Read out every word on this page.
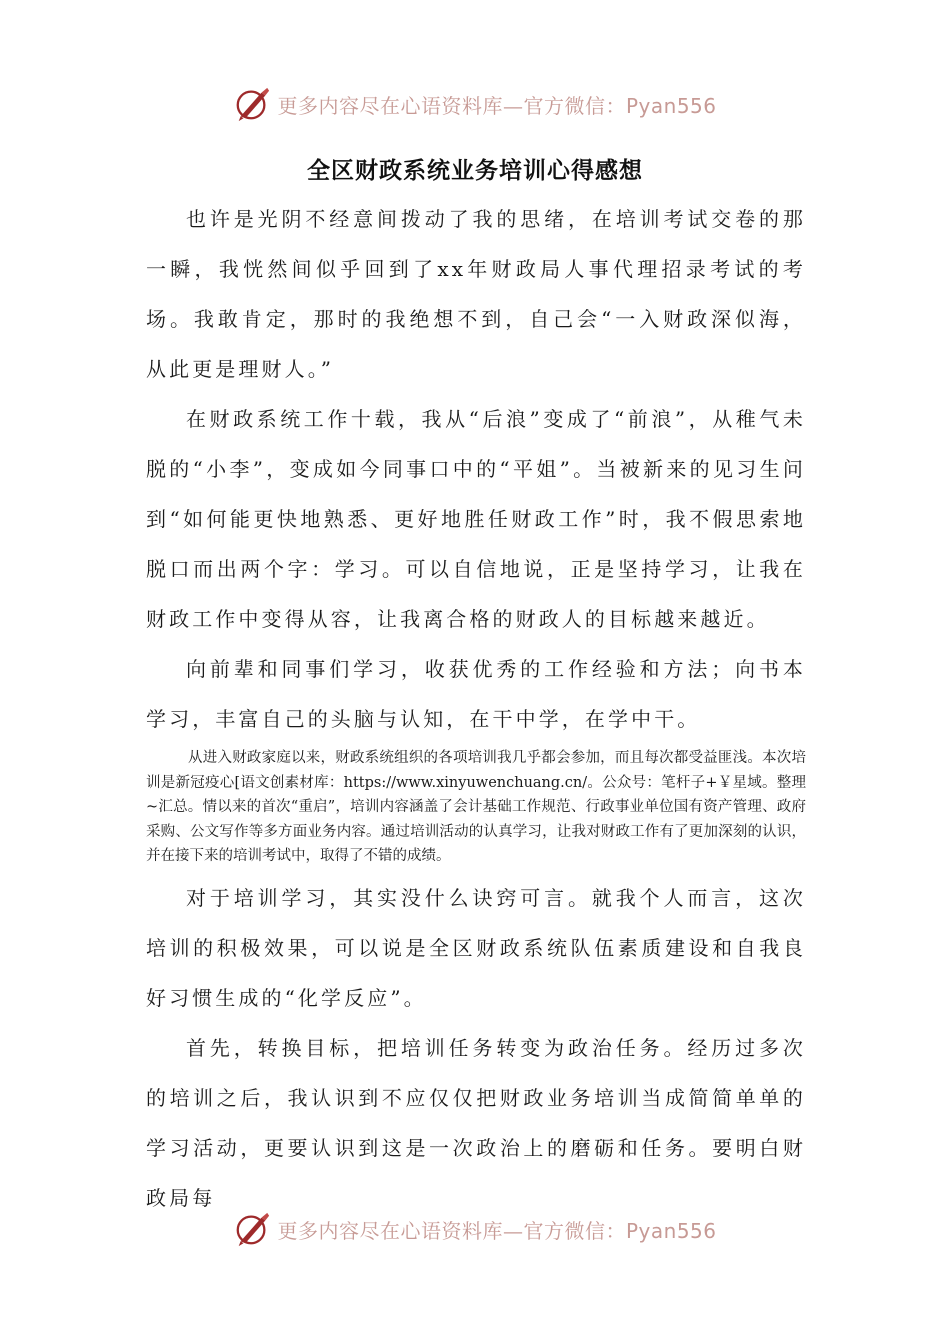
更多内容尽在心语资料库—官方微信：Pyan556
全区财政系统业务培训心得感想

也许是光阴不经意间拨动了我的思绪，在培训考试交卷的那一瞬，我恍然间似乎回到了xx年财政局人事代理招录考试的考场。我敢肯定，那时的我绝想不到，自己会“一入财政深似海，从此更是理财人。”

在财政系统工作十载，我从“后浪”变成了“前浪”，从稚气未脱的“小李”，变成如今同事口中的“平姐”。当被新来的见习生问到“如何能更快地熟悉、更好地胜任财政工作”时，我不假思索地脱口而出两个字：学习。可以自信地说，正是坚持学习，让我在财政工作中变得从容，让我离合格的财政人的目标越来越近。

向前辈和同事们学习，收获优秀的工作经验和方法；向书本学习，丰富自己的头脑与认知，在干中学，在学中干。

从进入财政家庭以来，财政系统组织的各项培训我几乎都会参加，而且每次都受益匪浅。本次培训是新冠疫心[语文创素材库：https://www.xinyuwenchuang.cn/。公众号：笔杆子+￥星域。整理~汇总。情以来的首次“重启”，培训内容涵盖了会计基础工作规范、行政事业单位国有资产管理、政府采购、公文写作等多方面业务内容。通过培训活动的认真学习，让我对财政工作有了更加深刻的认识，并在接下来的培训考试中，取得了不错的成绩。

对于培训学习，其实没什么诀窍可言。就我个人而言，这次培训的积极效果，可以说是全区财政系统队伍素质建设和自我良好习惯生成的“化学反应”。

首先，转换目标，把培训任务转变为政治任务。经历过多次的培训之后，我认识到不应仅仅把财政业务培训当成简简单单的学习活动，更要认识到这是一次政治上的磨砺和任务。要明白财政局每

更多内容尽在心语资料库—官方微信：Pyan556
